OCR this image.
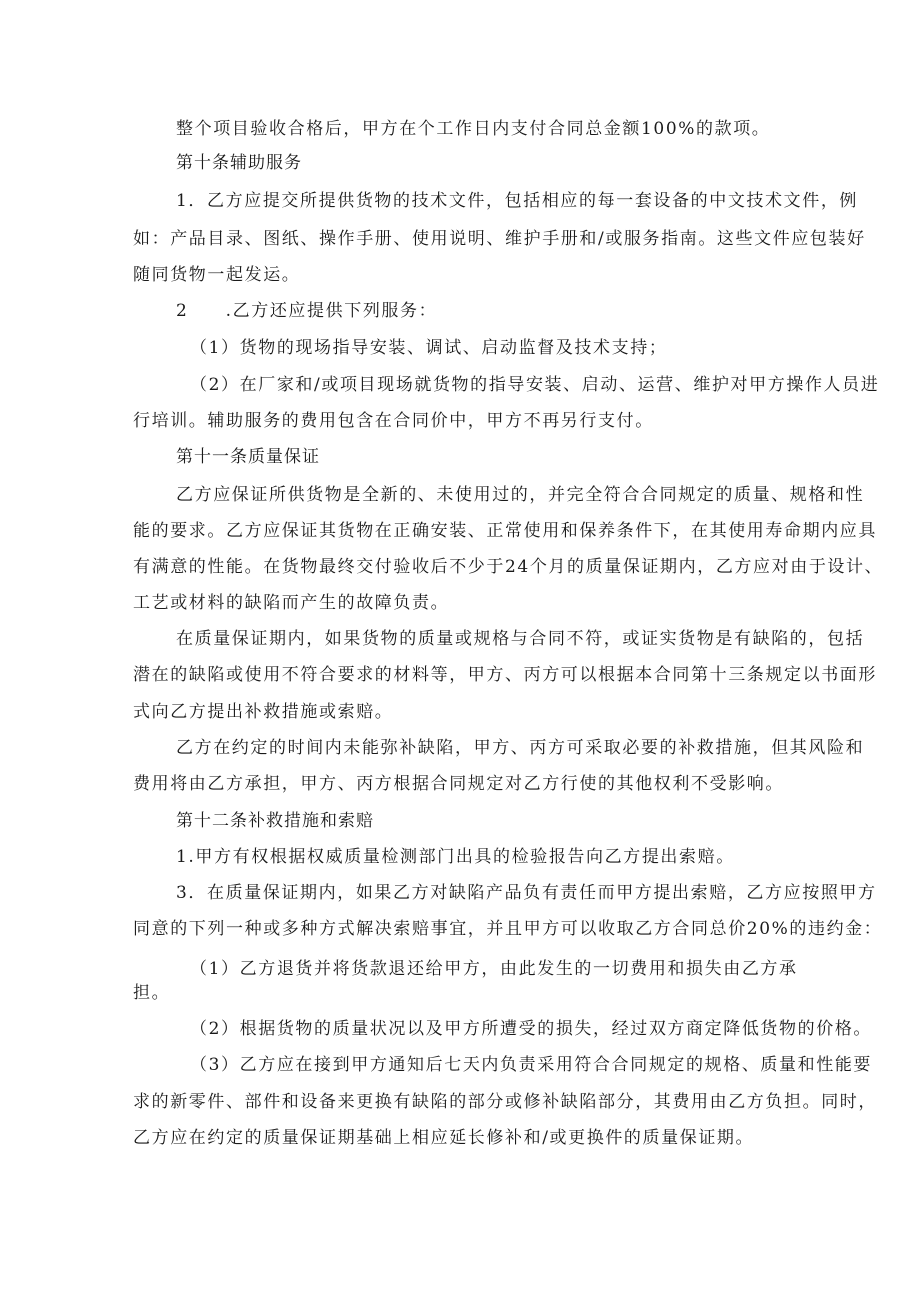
整个项目验收合格后，甲方在个工作日内支付合同总金额100%的款项。

第十条辅助服务

1．乙方应提交所提供货物的技术文件，包括相应的每一套设备的中文技术文件，例

如：产品目录、图纸、操作手册、使用说明、维护手册和/或服务指南。这些文件应包装好

随同货物一起发运。

2　　.乙方还应提供下列服务：

（1）货物的现场指导安装、调试、启动监督及技术支持；

（2）在厂家和/或项目现场就货物的指导安装、启动、运营、维护对甲方操作人员进

行培训。辅助服务的费用包含在合同价中，甲方不再另行支付。

第十一条质量保证

乙方应保证所供货物是全新的、未使用过的，并完全符合合同规定的质量、规格和性

能的要求。乙方应保证其货物在正确安装、正常使用和保养条件下，在其使用寿命期内应具

有满意的性能。在货物最终交付验收后不少于24个月的质量保证期内，乙方应对由于设计、

工艺或材料的缺陷而产生的故障负责。

在质量保证期内，如果货物的质量或规格与合同不符，或证实货物是有缺陷的，包括

潜在的缺陷或使用不符合要求的材料等，甲方、丙方可以根据本合同第十三条规定以书面形

式向乙方提出补救措施或索赔。

乙方在约定的时间内未能弥补缺陷，甲方、丙方可采取必要的补救措施，但其风险和

费用将由乙方承担，甲方、丙方根据合同规定对乙方行使的其他权利不受影响。

第十二条补救措施和索赔

1.甲方有权根据权威质量检测部门出具的检验报告向乙方提出索赔。

3．在质量保证期内，如果乙方对缺陷产品负有责任而甲方提出索赔，乙方应按照甲方

同意的下列一种或多种方式解决索赔事宜，并且甲方可以收取乙方合同总价20%的违约金：

（1）乙方退货并将货款退还给甲方，由此发生的一切费用和损失由乙方承

担。

（2）根据货物的质量状况以及甲方所遭受的损失，经过双方商定降低货物的价格。

（3）乙方应在接到甲方通知后七天内负责采用符合合同规定的规格、质量和性能要

求的新零件、部件和设备来更换有缺陷的部分或修补缺陷部分，其费用由乙方负担。同时，

乙方应在约定的质量保证期基础上相应延长修补和/或更换件的质量保证期。
